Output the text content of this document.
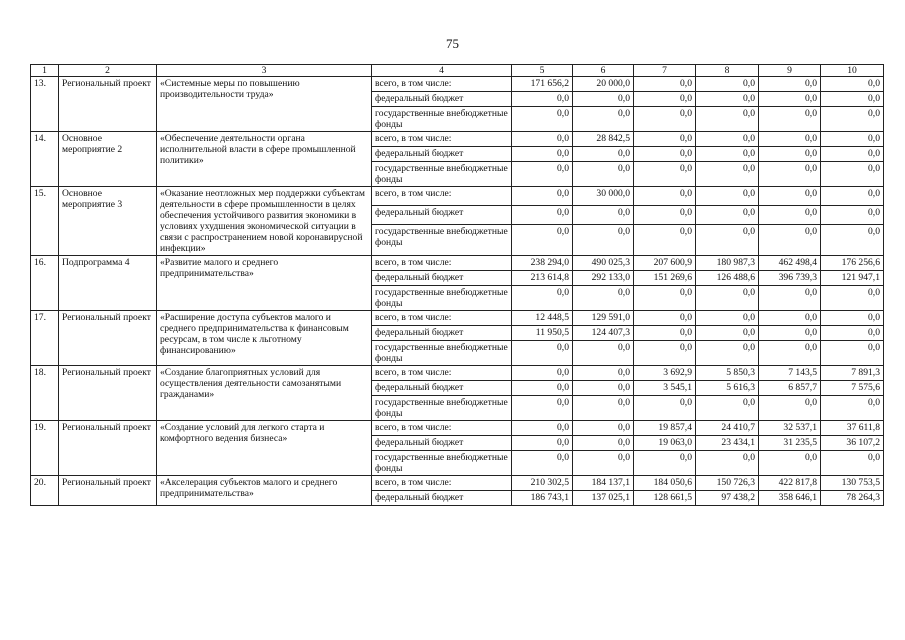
75
1	2	3	4	5	6	7	8	9	10
13.	Региональный проект	«Системные меры по повышению производительности труда»	всего, в том числе:	171 656,2	20 000,0	0,0	0,0	0,0	0,0
			федеральный бюджет	0,0	0,0	0,0	0,0	0,0	0,0
			государственные внебюджетные фонды	0,0	0,0	0,0	0,0	0,0	0,0
14.	Основное мероприятие 2	«Обеспечение деятельности органа исполнительной власти в сфере промышленной политики»	всего, в том числе:	0,0	28 842,5	0,0	0,0	0,0	0,0
			федеральный бюджет	0,0	0,0	0,0	0,0	0,0	0,0
			государственные внебюджетные фонды	0,0	0,0	0,0	0,0	0,0	0,0
15.	Основное мероприятие 3	«Оказание неотложных мер поддержки субъектам деятельности в сфере промышленности в целях обеспечения устойчивого развития экономики в условиях ухудшения экономической ситуации в связи с распространением новой коронавирусной инфекции»	всего, в том числе:	0,0	30 000,0	0,0	0,0	0,0	0,0
			федеральный бюджет	0,0	0,0	0,0	0,0	0,0	0,0
			государственные внебюджетные фонды	0,0	0,0	0,0	0,0	0,0	0,0
16.	Подпрограмма 4	«Развитие малого и среднего предпринимательства»	всего, в том числе:	238 294,0	490 025,3	207 600,9	180 987,3	462 498,4	176 256,6
			федеральный бюджет	213 614,8	292 133,0	151 269,6	126 488,6	396 739,3	121 947,1
			государственные внебюджетные фонды	0,0	0,0	0,0	0,0	0,0	0,0
17.	Региональный проект	«Расширение доступа субъектов малого и среднего предпринимательства к финансовым ресурсам, в том числе к льготному финансированию»	всего, в том числе:	12 448,5	129 591,0	0,0	0,0	0,0	0,0
			федеральный бюджет	11 950,5	124 407,3	0,0	0,0	0,0	0,0
			государственные внебюджетные фонды	0,0	0,0	0,0	0,0	0,0	0,0
18.	Региональный проект	«Создание благоприятных условий для осуществления деятельности самозанятыми гражданами»	всего, в том числе:	0,0	0,0	3 692,9	5 850,3	7 143,5	7 891,3
			федеральный бюджет	0,0	0,0	3 545,1	5 616,3	6 857,7	7 575,6
			государственные внебюджетные фонды	0,0	0,0	0,0	0,0	0,0	0,0
19.	Региональный проект	«Создание условий для легкого старта и комфортного ведения бизнеса»	всего, в том числе:	0,0	0,0	19 857,4	24 410,7	32 537,1	37 611,8
			федеральный бюджет	0,0	0,0	19 063,0	23 434,1	31 235,5	36 107,2
			государственные внебюджетные фонды	0,0	0,0	0,0	0,0	0,0	0,0
20.	Региональный проект	«Акселерация субъектов малого и среднего предпринимательства»	всего, в том числе:	210 302,5	184 137,1	184 050,6	150 726,3	422 817,8	130 753,5
			федеральный бюджет	186 743,1	137 025,1	128 661,5	97 438,2	358 646,1	78 264,3
